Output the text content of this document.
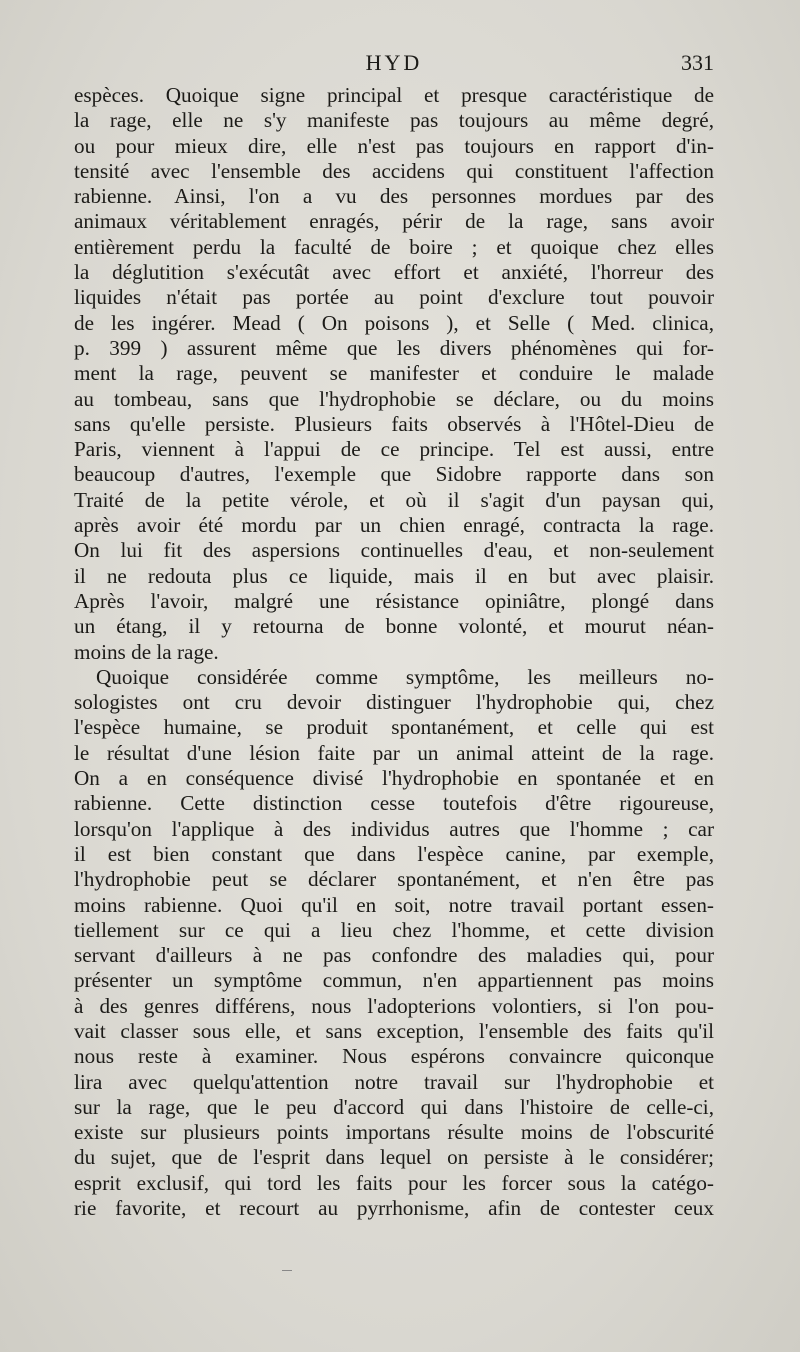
HYD	331
espèces. Quoique signe principal et presque caractéristique de
la rage, elle ne s'y manifeste pas toujours au même degré,
ou pour mieux dire, elle n'est pas toujours en rapport d'in-
tensité avec l'ensemble des accidens qui constituent l'affection
rabienne. Ainsi, l'on a vu des personnes mordues par des
animaux véritablement enragés, périr de la rage, sans avoir
entièrement perdu la faculté de boire ; et quoique chez elles
la déglutition s'exécutât avec effort et anxiété, l'horreur des
liquides n'était pas portée au point d'exclure tout pouvoir
de les ingérer. Mead ( On poisons ), et Selle ( Med. clinica,
p. 399 ) assurent même que les divers phénomènes qui for-
ment la rage, peuvent se manifester et conduire le malade
au tombeau, sans que l'hydrophobie se déclare, ou du moins
sans qu'elle persiste. Plusieurs faits observés à l'Hôtel-Dieu de
Paris, viennent à l'appui de ce principe. Tel est aussi, entre
beaucoup d'autres, l'exemple que Sidobre rapporte dans son
Traité de la petite vérole, et où il s'agit d'un paysan qui,
après avoir été mordu par un chien enragé, contracta la rage.
On lui fit des aspersions continuelles d'eau, et non-seulement
il ne redouta plus ce liquide, mais il en but avec plaisir.
Après l'avoir, malgré une résistance opiniâtre, plongé dans
un étang, il y retourna de bonne volonté, et mourut néan-
moins de la rage.
Quoique considérée comme symptôme, les meilleurs no-
sologistes ont cru devoir distinguer l'hydrophobie qui, chez
l'espèce humaine, se produit spontanément, et celle qui est
le résultat d'une lésion faite par un animal atteint de la rage.
On a en conséquence divisé l'hydrophobie en spontanée et en
rabienne. Cette distinction cesse toutefois d'être rigoureuse,
lorsqu'on l'applique à des individus autres que l'homme ; car
il est bien constant que dans l'espèce canine, par exemple,
l'hydrophobie peut se déclarer spontanément, et n'en être pas
moins rabienne. Quoi qu'il en soit, notre travail portant essen-
tiellement sur ce qui a lieu chez l'homme, et cette division
servant d'ailleurs à ne pas confondre des maladies qui, pour
présenter un symptôme commun, n'en appartiennent pas moins
à des genres différens, nous l'adopterions volontiers, si l'on pou-
vait classer sous elle, et sans exception, l'ensemble des faits qu'il
nous reste à examiner. Nous espérons convaincre quiconque
lira avec quelqu'attention notre travail sur l'hydrophobie et
sur la rage, que le peu d'accord qui dans l'histoire de celle-ci,
existe sur plusieurs points importans résulte moins de l'obscurité
du sujet, que de l'esprit dans lequel on persiste à le considérer;
esprit exclusif, qui tord les faits pour les forcer sous la catégo-
rie favorite, et recourt au pyrrhonisme, afin de contester ceux
